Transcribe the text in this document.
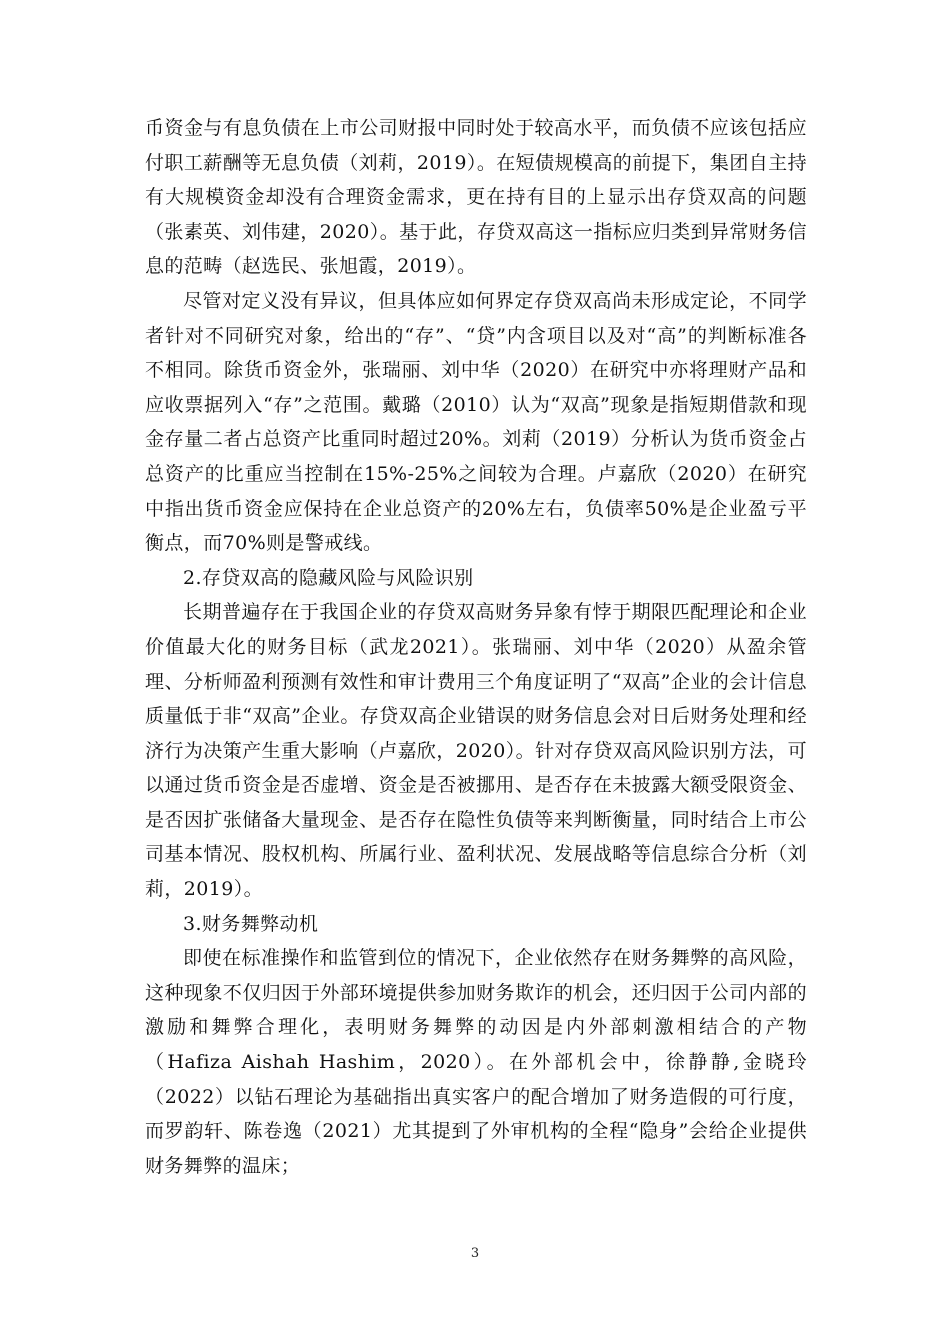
币资金与有息负债在上市公司财报中同时处于较高水平，而负债不应该包括应付职工薪酬等无息负债（刘莉，2019）。在短债规模高的前提下，集团自主持有大规模资金却没有合理资金需求，更在持有目的上显示出存贷双高的问题（张素英、刘伟建，2020）。基于此，存贷双高这一指标应归类到异常财务信息的范畴（赵选民、张旭霞，2019）。

尽管对定义没有异议，但具体应如何界定存贷双高尚未形成定论，不同学者针对不同研究对象，给出的“存”、“贷”内含项目以及对“高”的判断标准各不相同。除货币资金外，张瑞丽、刘中华（2020）在研究中亦将理财产品和应收票据列入“存”之范围。戴璐（2010）认为“双高”现象是指短期借款和现金存量二者占总资产比重同时超过20%。刘莉（2019）分析认为货币资金占总资产的比重应当控制在15%-25%之间较为合理。卢嘉欣（2020）在研究中指出货币资金应保持在企业总资产的20%左右，负债率50%是企业盈亏平衡点，而70%则是警戒线。

2.存贷双高的隐藏风险与风险识别

长期普遍存在于我国企业的存贷双高财务异象有悖于期限匹配理论和企业价值最大化的财务目标（武龙2021）。张瑞丽、刘中华（2020）从盈余管理、分析师盈利预测有效性和审计费用三个角度证明了“双高”企业的会计信息质量低于非“双高”企业。存贷双高企业错误的财务信息会对日后财务处理和经济行为决策产生重大影响（卢嘉欣，2020）。针对存贷双高风险识别方法，可以通过货币资金是否虚增、资金是否被挪用、是否存在未披露大额受限资金、是否因扩张储备大量现金、是否存在隐性负债等来判断衡量，同时结合上市公司基本情况、股权机构、所属行业、盈利状况、发展战略等信息综合分析（刘莉，2019）。

3.财务舞弊动机

即使在标准操作和监管到位的情况下，企业依然存在财务舞弊的高风险，这种现象不仅归因于外部环境提供参加财务欺诈的机会，还归因于公司内部的激励和舞弊合理化，表明财务舞弊的动因是内外部刺激相结合的产物（Hafiza Aishah Hashim，2020）。在外部机会中，徐静静,金晓玲（2022）以钻石理论为基础指出真实客户的配合增加了财务造假的可行度，而罗韵轩、陈卷逸（2021）尤其提到了外审机构的全程“隐身”会给企业提供财务舞弊的温床；

3
